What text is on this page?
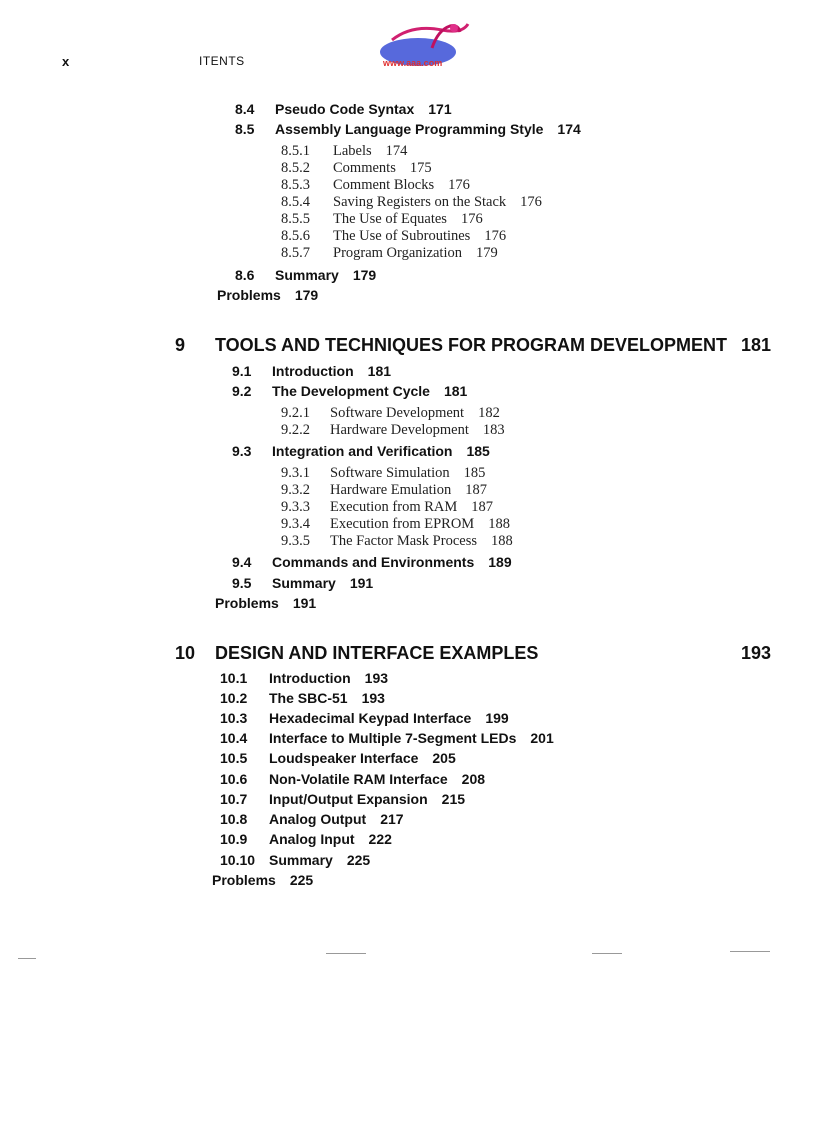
x	ITENTS	www.aaa.com
8.4 Pseudo Code Syntax 171
8.5 Assembly Language Programming Style 174
8.5.1 Labels 174
8.5.2 Comments 175
8.5.3 Comment Blocks 176
8.5.4 Saving Registers on the Stack 176
8.5.5 The Use of Equates 176
8.5.6 The Use of Subroutines 176
8.5.7 Program Organization 179
8.6 Summary 179
Problems 179
9 TOOLS AND TECHNIQUES FOR PROGRAM DEVELOPMENT 181
9.1 Introduction 181
9.2 The Development Cycle 181
9.2.1 Software Development 182
9.2.2 Hardware Development 183
9.3 Integration and Verification 185
9.3.1 Software Simulation 185
9.3.2 Hardware Emulation 187
9.3.3 Execution from RAM 187
9.3.4 Execution from EPROM 188
9.3.5 The Factor Mask Process 188
9.4 Commands and Environments 189
9.5 Summary 191
Problems 191
10 DESIGN AND INTERFACE EXAMPLES	193
10.1 Introduction 193
10.2 The SBC-51 193
10.3 Hexadecimal Keypad Interface 199
10.4 Interface to Multiple 7-Segment LEDs 201
10.5 Loudspeaker Interface 205
10.6 Non-Volatile RAM Interface 208
10.7 Input/Output Expansion 215
10.8 Analog Output 217
10.9 Analog Input 222
10.10 Summary 225
Problems 225
